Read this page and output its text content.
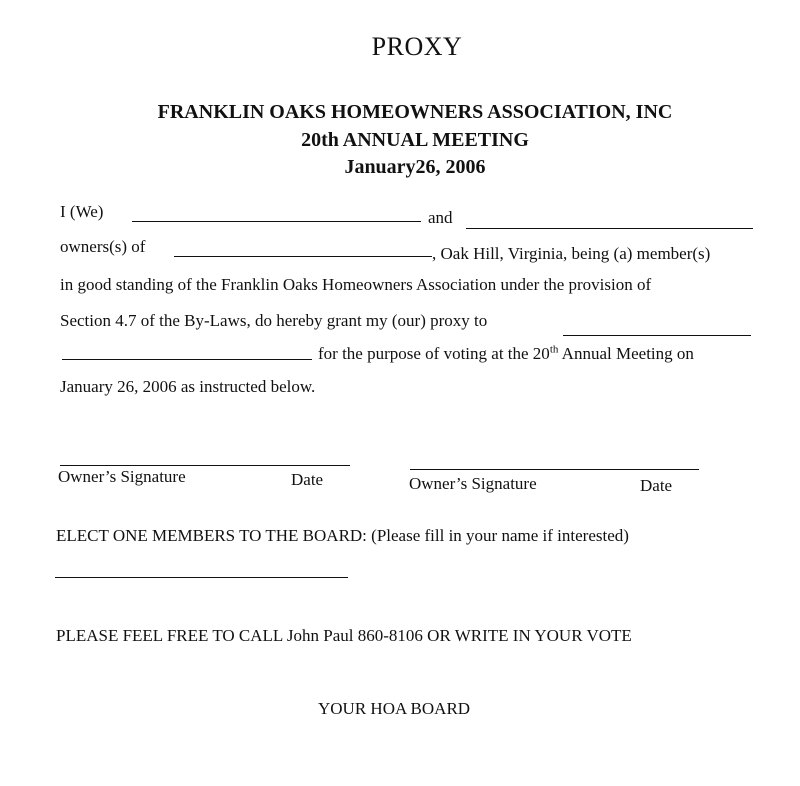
PROXY
FRANKLIN OAKS HOMEOWNERS ASSOCIATION, INC
20th ANNUAL MEETING
January26, 2006
I (We)	and
owners(s) of	, Oak Hill, Virginia, being (a) member(s)
in good standing of the Franklin Oaks Homeowners Association under the provision of
Section 4.7 of the By-Laws, do hereby grant my (our) proxy to
for the purpose of voting at the 20th Annual Meeting on
January 26, 2006 as instructed below.
Owner’s Signature	Date	Owner’s Signature	Date
ELECT ONE MEMBERS TO THE BOARD: (Please fill in your name if interested)
PLEASE FEEL FREE TO CALL John Paul 860-8106 OR WRITE IN YOUR VOTE
YOUR HOA BOARD
